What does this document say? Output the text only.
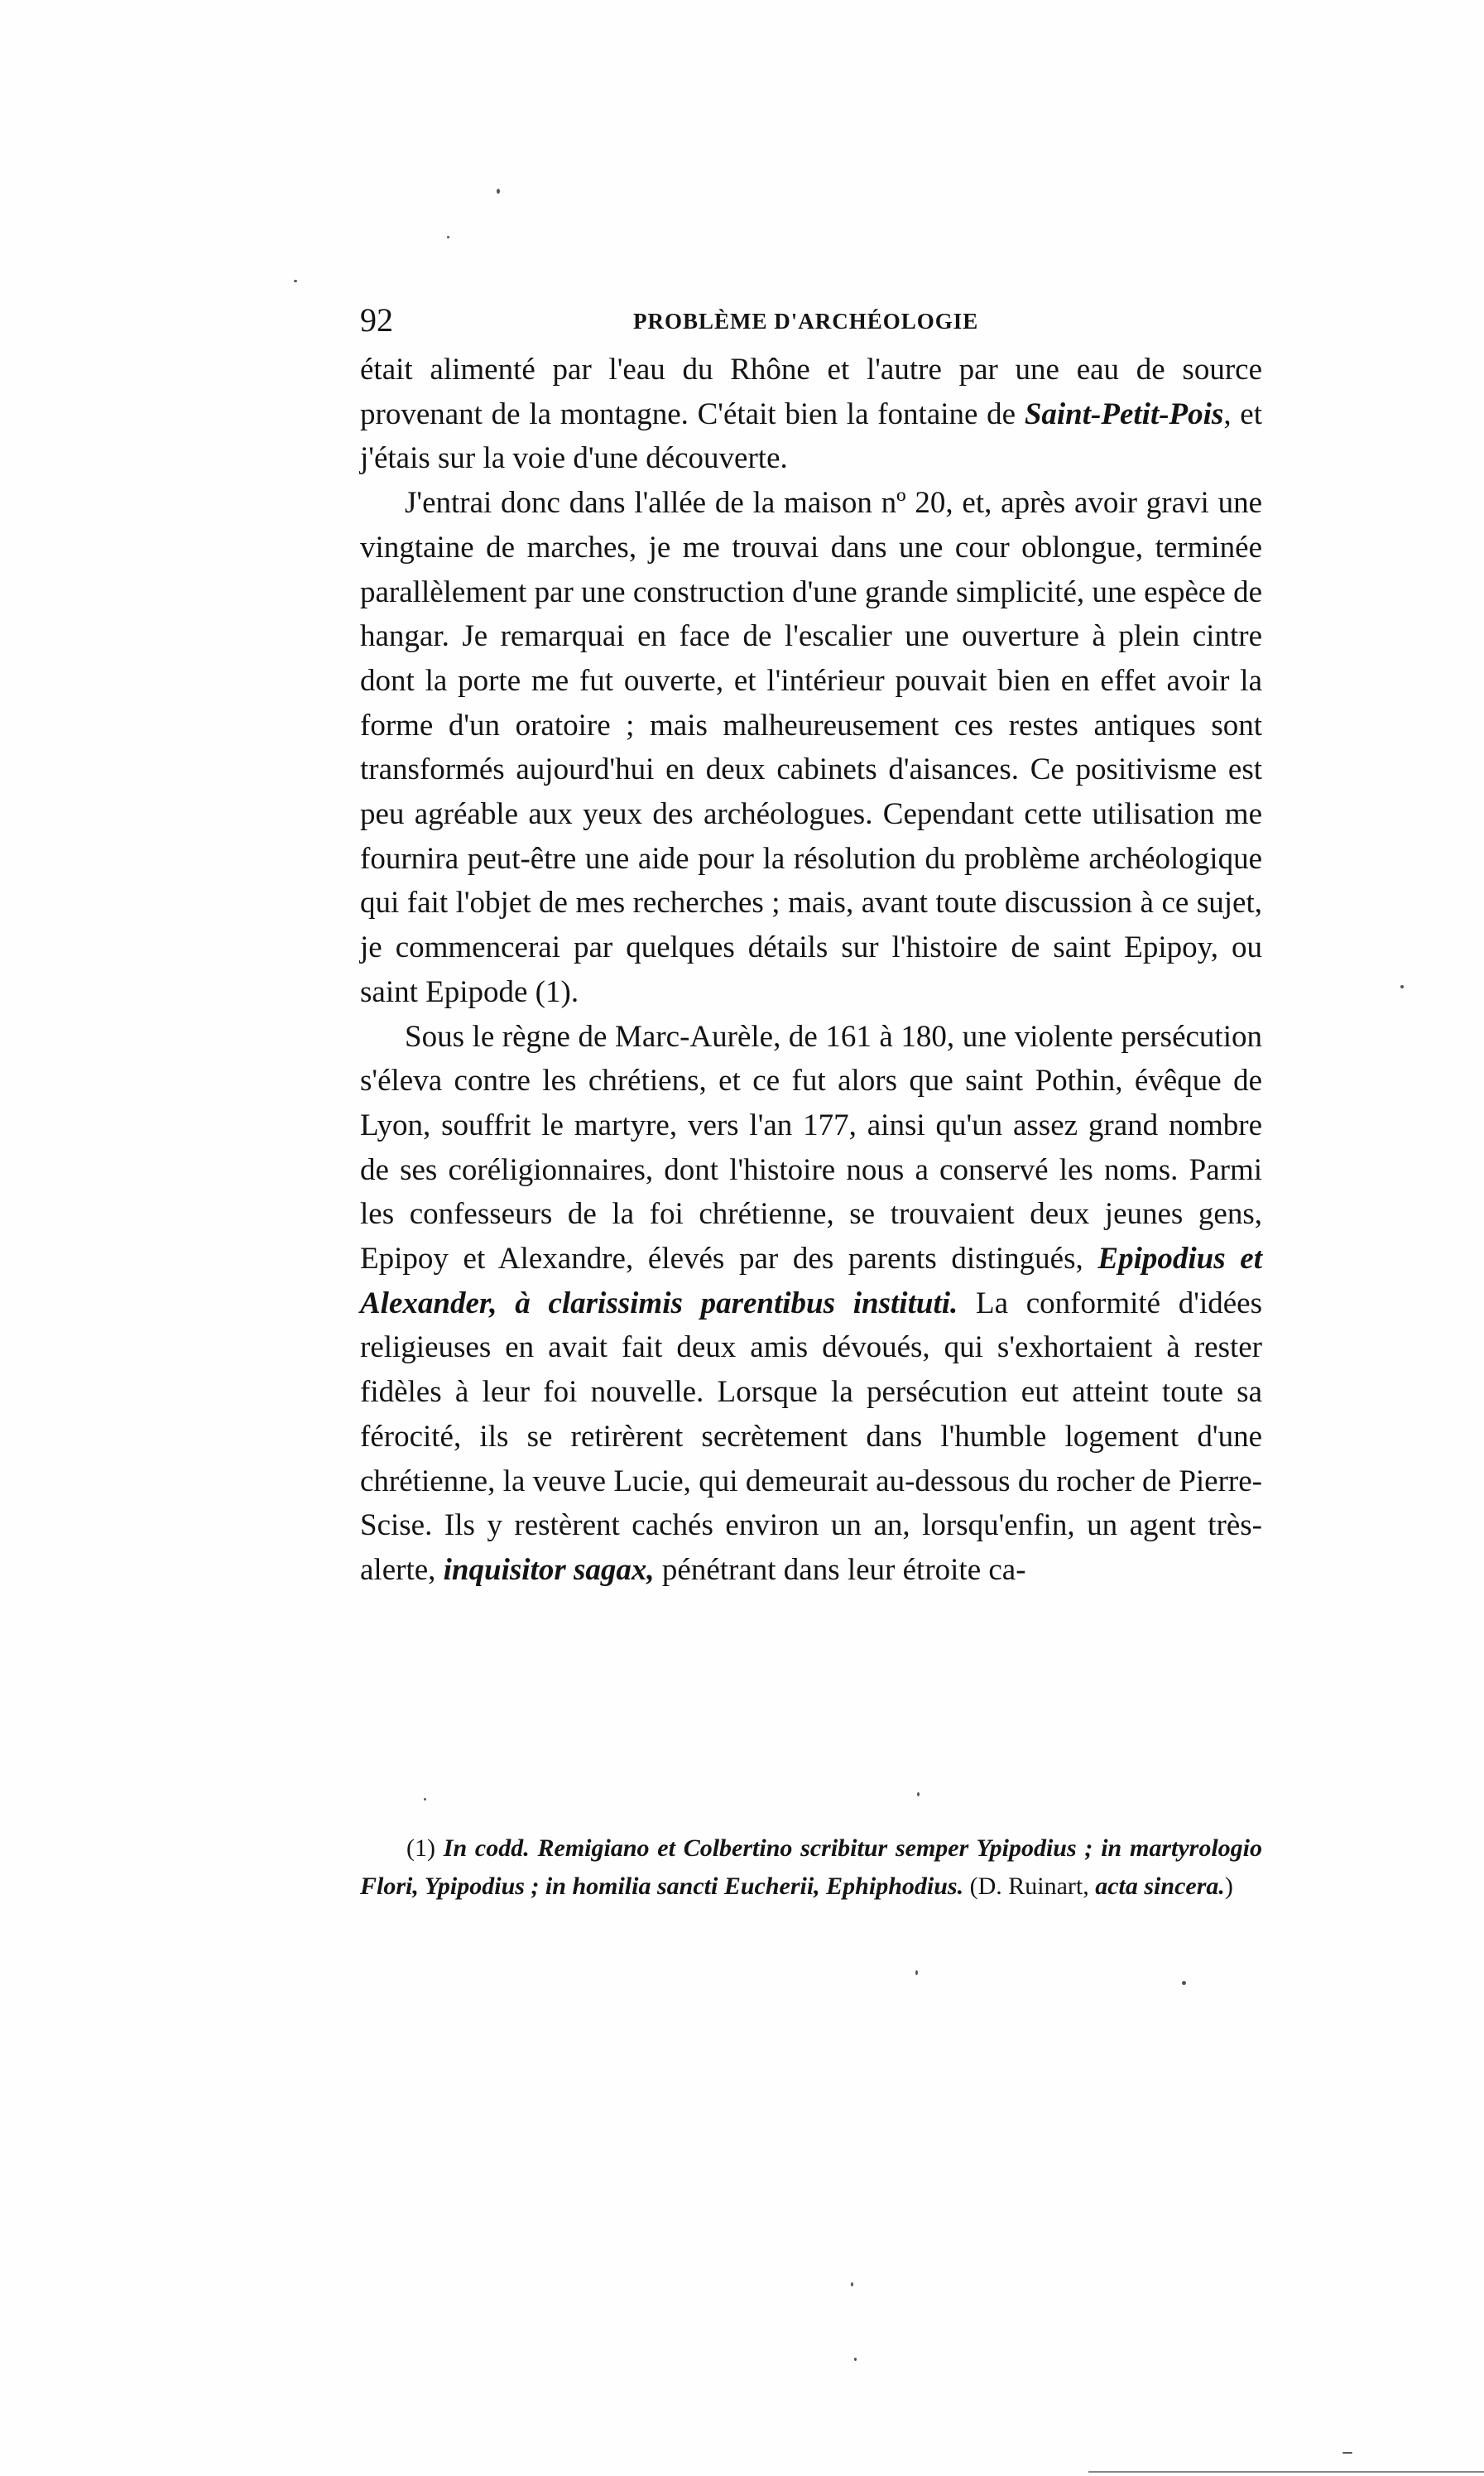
92	PROBLÈME D'ARCHÉOLOGIE

était alimenté par l'eau du Rhône et l'autre par une eau de source provenant de la montagne. C'était bien la fontaine de Saint-Petit-Pois, et j'étais sur la voie d'une découverte.

J'entrai donc dans l'allée de la maison nº 20, et, après avoir gravi une vingtaine de marches, je me trouvai dans une cour oblongue, terminée parallèlement par une construction d'une grande simplicité, une espèce de hangar. Je remarquai en face de l'escalier une ouverture à plein cintre dont la porte me fut ouverte, et l'intérieur pouvait bien en effet avoir la forme d'un oratoire ; mais malheureusement ces restes antiques sont transformés aujourd'hui en deux cabinets d'aisances. Ce positivisme est peu agréable aux yeux des archéologues. Cependant cette utilisation me fournira peut-être une aide pour la résolution du problème archéologique qui fait l'objet de mes recherches ; mais, avant toute discussion à ce sujet, je commencerai par quelques détails sur l'histoire de saint Epipoy, ou saint Epipode (1).

Sous le règne de Marc-Aurèle, de 161 à 180, une violente persécution s'éleva contre les chrétiens, et ce fut alors que saint Pothin, évêque de Lyon, souffrit le martyre, vers l'an 177, ainsi qu'un assez grand nombre de ses coréligionnaires, dont l'histoire nous a conservé les noms. Parmi les confesseurs de la foi chrétienne, se trouvaient deux jeunes gens, Epipoy et Alexandre, élevés par des parents distingués, Epipodius et Alexander, à clarissimis parentibus instituti. La conformité d'idées religieuses en avait fait deux amis dévoués, qui s'exhortaient à rester fidèles à leur foi nouvelle. Lorsque la persécution eut atteint toute sa férocité, ils se retirèrent secrètement dans l'humble logement d'une chrétienne, la veuve Lucie, qui demeurait au-dessous du rocher de Pierre-Scise. Ils y restèrent cachés environ un an, lorsqu'enfin, un agent très-alerte, inquisitor sagax, pénétrant dans leur étroite ca-

(1) In codd. Remigiano et Colbertino scribitur semper Ypipodius ; in martyrologio Flori, Ypipodius ; in homilia sancti Eucherii, Ephiphodius. (D. Ruinart, acta sincera.)
